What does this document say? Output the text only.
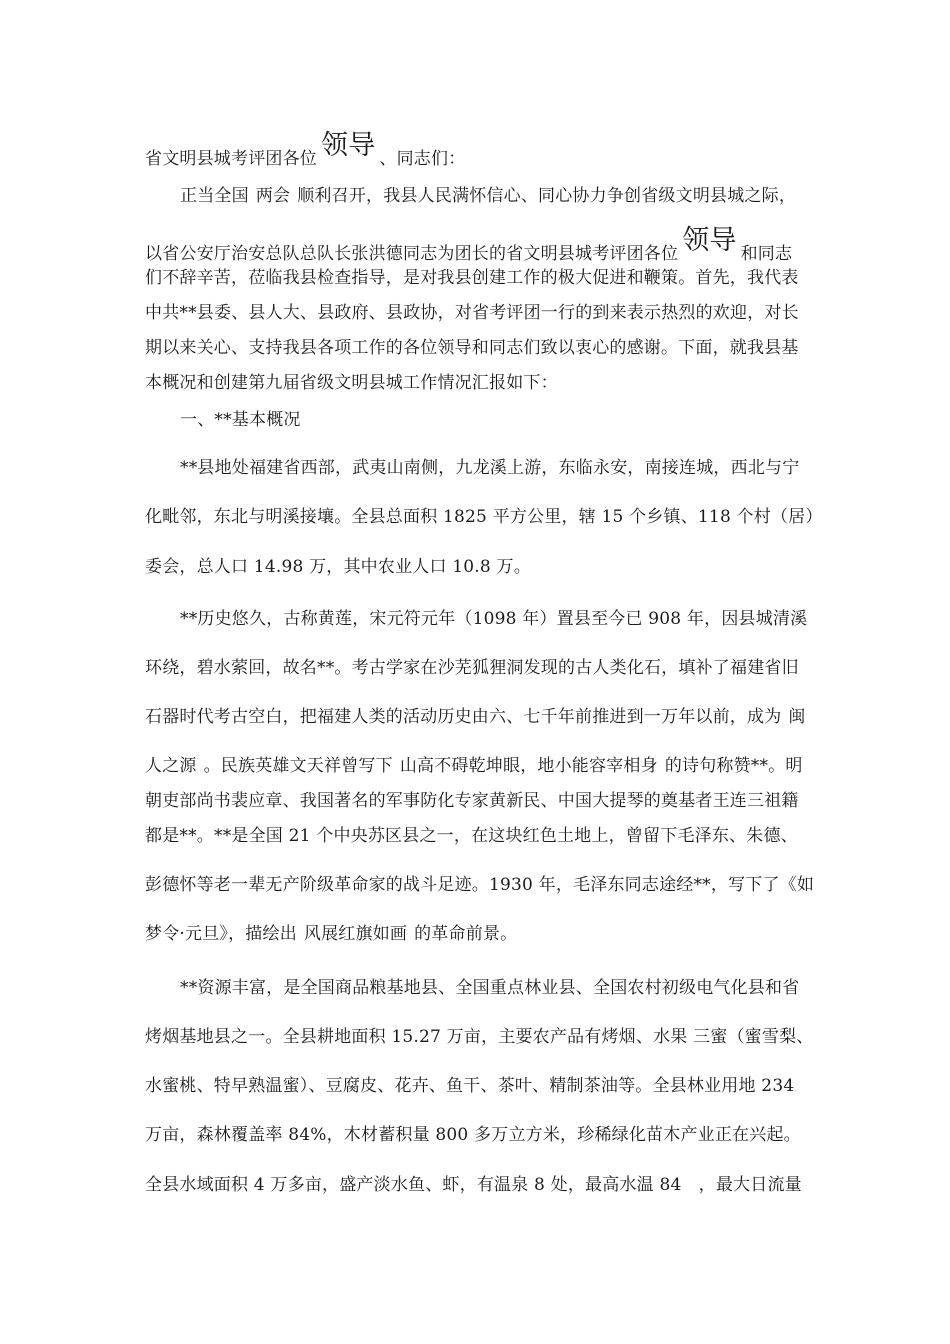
省文明县城考评团各位 领导 、同志们：
正当全国 两会 顺利召开，我县人民满怀信心、同心协力争创省级文明县城之际，
以省公安厅治安总队总队长张洪德同志为团长的省文明县城考评团各位 领导 和同志
们不辞辛苦，莅临我县检查指导，是对我县创建工作的极大促进和鞭策。首先，我代表
中共**县委、县人大、县政府、县政协，对省考评团一行的到来表示热烈的欢迎，对长
期以来关心、支持我县各项工作的各位领导和同志们致以衷心的感谢。下面，就我县基
本概况和创建第九届省级文明县城工作情况汇报如下：
一、**基本概况
**县地处福建省西部，武夷山南侧，九龙溪上游，东临永安，南接连城，西北与宁
化毗邻，东北与明溪接壤。全县总面积 1825 平方公里，辖 15 个乡镇、118 个村（居）
委会，总人口 14.98 万，其中农业人口 10.8 万。
**历史悠久，古称黄莲，宋元符元年（1098 年）置县至今已 908 年，因县城清溪
环绕，碧水萦回，故名**。考古学家在沙芜狐狸洞发现的古人类化石，填补了福建省旧
石器时代考古空白，把福建人类的活动历史由六、七千年前推进到一万年以前，成为 闽
人之源 。民族英雄文天祥曾写下 山高不碍乾坤眼，地小能容宰相身 的诗句称赞**。明
朝吏部尚书裴应章、我国著名的军事防化专家黄新民、中国大提琴的奠基者王连三祖籍
都是**。**是全国 21 个中央苏区县之一，在这块红色土地上，曾留下毛泽东、朱德、
彭德怀等老一辈无产阶级革命家的战斗足迹。1930 年，毛泽东同志途经**，写下了《如
梦令·元旦》，描绘出 风展红旗如画 的革命前景。
**资源丰富，是全国商品粮基地县、全国重点林业县、全国农村初级电气化县和省
烤烟基地县之一。全县耕地面积 15.27 万亩，主要农产品有烤烟、水果 三蜜（蜜雪梨、
水蜜桃、特早熟温蜜）、豆腐皮、花卉、鱼干、茶叶、精制茶油等。全县林业用地 234
万亩，森林覆盖率 84%，木材蓄积量 800 多万立方米，珍稀绿化苗木产业正在兴起。
全县水域面积 4 万多亩，盛产淡水鱼、虾，有温泉 8 处，最高水温 84　，最大日流量
